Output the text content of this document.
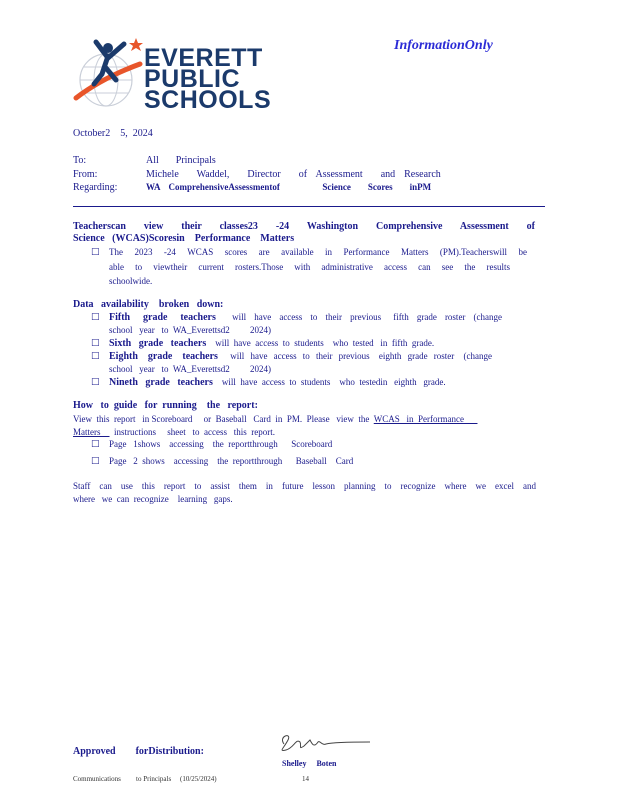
EVERETT
PUBLIC
SCHOOLS
InformationOnly
October2    5,  2024
To:	All  Principals
From:	Michele    Waddel,    Director    of  Assessment    and  Research
Regarding:	WA  ComprehensiveAssessmentof          Science    Scores    inPM
Teacherscan view their classes23 -24 Washington Comprehensive Assessment of
Science   (WCAS)Scoresin    Performance    Matters
□ The 2023 -24 WCAS scores are available in Performance Matters (PM).Teacherswill be
able to viewtheir current rosters.Those with administrative access can see the results
schoolwide.
Data   availability    broken   down:
□ Fifth   grade   teachers will  have  access  to  their  previous   fifth  grade  roster  (change
school   year   to  WA_Everettsd2         2024)
□ Sixth   grade   teachers will  have  access  to  students    who  tested   in  fifth  grade.
□ Eighth   grade   teachers will  have  access  to  their  previous   eighth  grade  roster   (change
school   year   to  WA_Everettsd2         2024)
□ Nineth   grade   teachers will  have  access  to  students    who  testedin   eighth   grade.
How   to  guide   for  running    the   report:
View  this  report   in Scoreboard     or  Baseball   Card  in  PM.  Please   view  the WCAS   in  Performance
Matters instructions     sheet   to  access   this  report.
□ Page   1shows    accessing    the  reportthrough      Scoreboard
□ Page   2  shows    accessing    the  reportthrough      Baseball    Card
Staff can use this report to assist them in future lesson planning to recognize where we excel and
where   we  can  recognize    learning   gaps.
Approved        forDistribution:
Shelley     Boten
Communications to Principals (10/25/2024)	14
